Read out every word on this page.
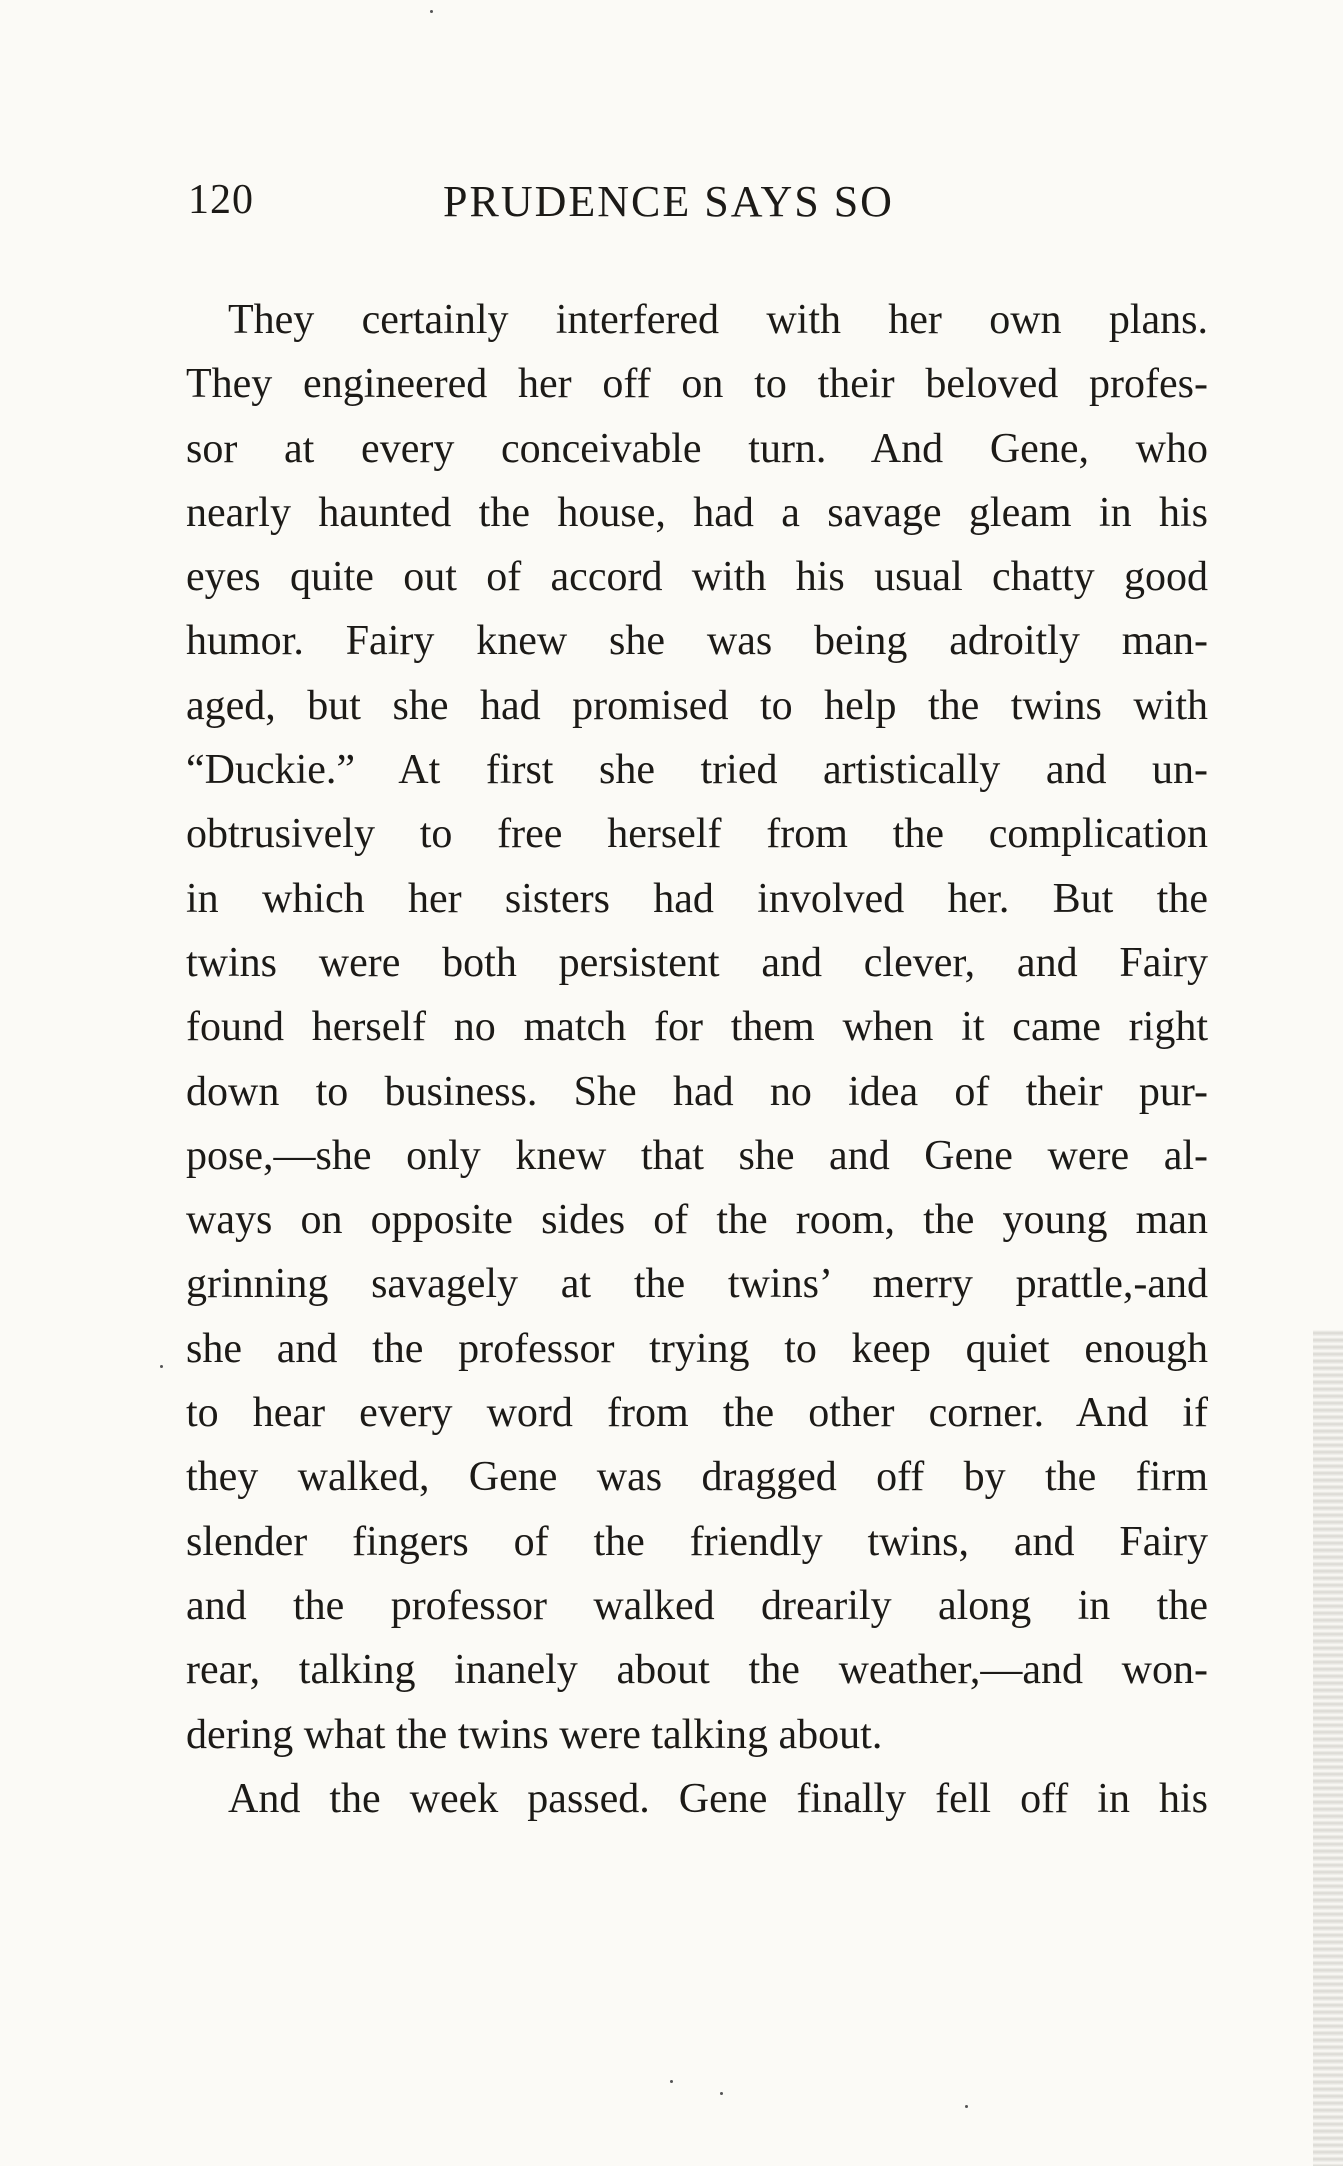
120	PRUDENCE SAYS SO
They certainly interfered with her own plans.
They engineered her off on to their beloved profes-
sor at every conceivable turn. And Gene, who
nearly haunted the house, had a savage gleam in his
eyes quite out of accord with his usual chatty good
humor. Fairy knew she was being adroitly man-
aged, but she had promised to help the twins with
“Duckie.” At first she tried artistically and un-
obtrusively to free herself from the complication
in which her sisters had involved her. But the
twins were both persistent and clever, and Fairy
found herself no match for them when it came right
down to business. She had no idea of their pur-
pose,—she only knew that she and Gene were al-
ways on opposite sides of the room, the young man
grinning savagely at the twins’ merry prattle,-and
she and the professor trying to keep quiet enough
to hear every word from the other corner. And if
they walked, Gene was dragged off by the firm
slender fingers of the friendly twins, and Fairy
and the professor walked drearily along in the
rear, talking inanely about the weather,—and won-
dering what the twins were talking about.
And the week passed. Gene finally fell off in his
